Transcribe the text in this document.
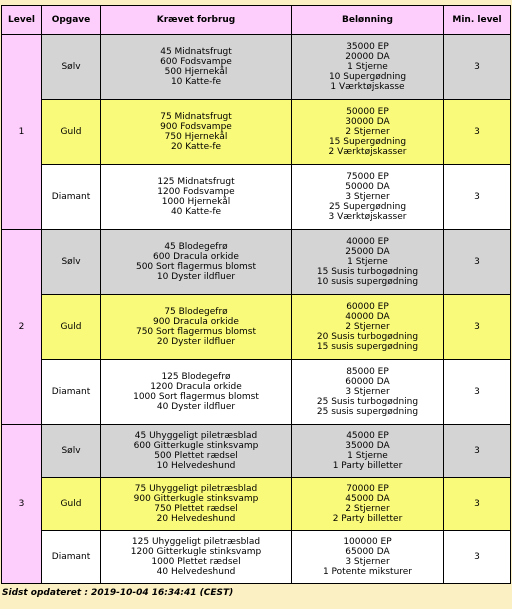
Level	Opgave	Krævet forbrug	Belønning	Min. level
1	Sølv	45 Midnatsfrugt
600 Fodsvampe
500 Hjernekål
10 Katte-fe	35000 EP
20000 DA
1 Stjerne
10 Supergødning
1 Værktøjskasse	3
	Guld	75 Midnatsfrugt
900 Fodsvampe
750 Hjernekål
20 Katte-fe	50000 EP
30000 DA
2 Stjerner
15 Supergødning
2 Værktøjskasser	3
	Diamant	125 Midnatsfrugt
1200 Fodsvampe
1000 Hjernekål
40 Katte-fe	75000 EP
50000 DA
3 Stjerner
25 Supergødning
3 Værktøjskasser	3
2	Sølv	45 Blodegefrø
600 Dracula orkide
500 Sort flagermus blomst
10 Dyster ildfluer	40000 EP
25000 DA
1 Stjerne
15 Susis turbogødning
10 susis supergødning	3
	Guld	75 Blodegefrø
900 Dracula orkide
750 Sort flagermus blomst
20 Dyster ildfluer	60000 EP
40000 DA
2 Stjerner
20 Susis turbogødning
15 susis supergødning	3
	Diamant	125 Blodegefrø
1200 Dracula orkide
1000 Sort flagermus blomst
40 Dyster ildfluer	85000 EP
60000 DA
3 Stjerner
25 Susis turbogødning
25 susis supergødning	3
3	Sølv	45 Uhyggeligt piletræsblad
600 Gitterkugle stinksvamp
500 Plettet rædsel
10 Helvedeshund	45000 EP
35000 DA
1 Stjerne
1 Party billetter	3
	Guld	75 Uhyggeligt piletræsblad
900 Gitterkugle stinksvamp
750 Plettet rædsel
20 Helvedeshund	70000 EP
45000 DA
2 Stjerner
2 Party billetter	3
	Diamant	125 Uhyggeligt piletræsblad
1200 Gitterkugle stinksvamp
1000 Plettet rædsel
40 Helvedeshund	100000 EP
65000 DA
3 Stjerner
1 Potente miksturer	3
Sidst opdateret : 2019-10-04 16:34:41 (CEST)
